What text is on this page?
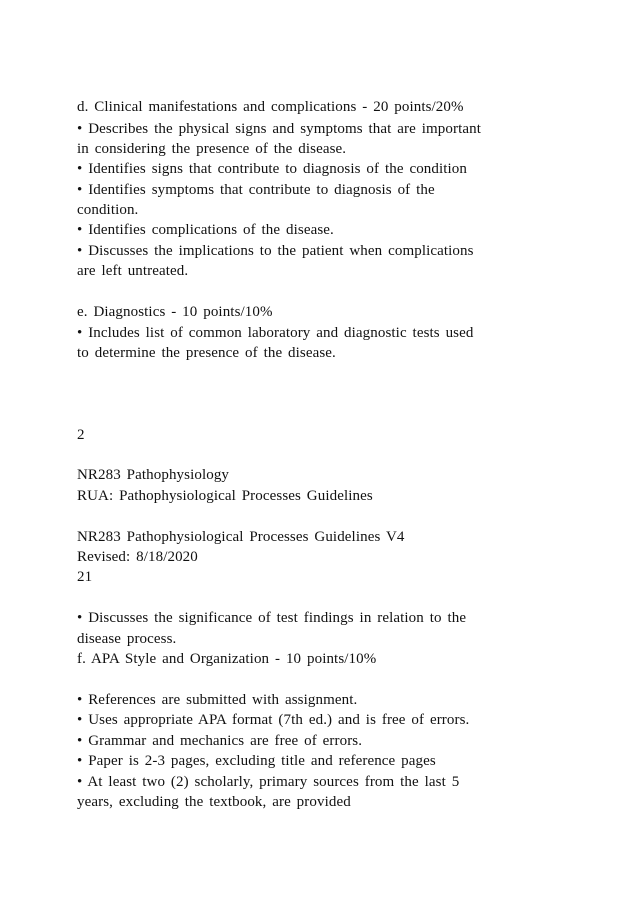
d. Clinical manifestations and complications - 20 points/20%
• Describes the physical signs and symptoms that are important
in considering the presence of the disease.
• Identifies signs that contribute to diagnosis of the condition
• Identifies symptoms that contribute to diagnosis of the
condition.
• Identifies complications of the disease.
• Discusses the implications to the patient when complications
are left untreated.
e. Diagnostics - 10 points/10%
• Includes list of common laboratory and diagnostic tests used
to determine the presence of the disease.
2
NR283 Pathophysiology
RUA: Pathophysiological Processes Guidelines
NR283 Pathophysiological Processes Guidelines V4
Revised: 8/18/2020
21
• Discusses the significance of test findings in relation to the
disease process.
f. APA Style and Organization - 10 points/10%
• References are submitted with assignment.
• Uses appropriate APA format (7th ed.) and is free of errors.
• Grammar and mechanics are free of errors.
• Paper is 2-3 pages, excluding title and reference pages
• At least two (2) scholarly, primary sources from the last 5
years, excluding the textbook, are provided
